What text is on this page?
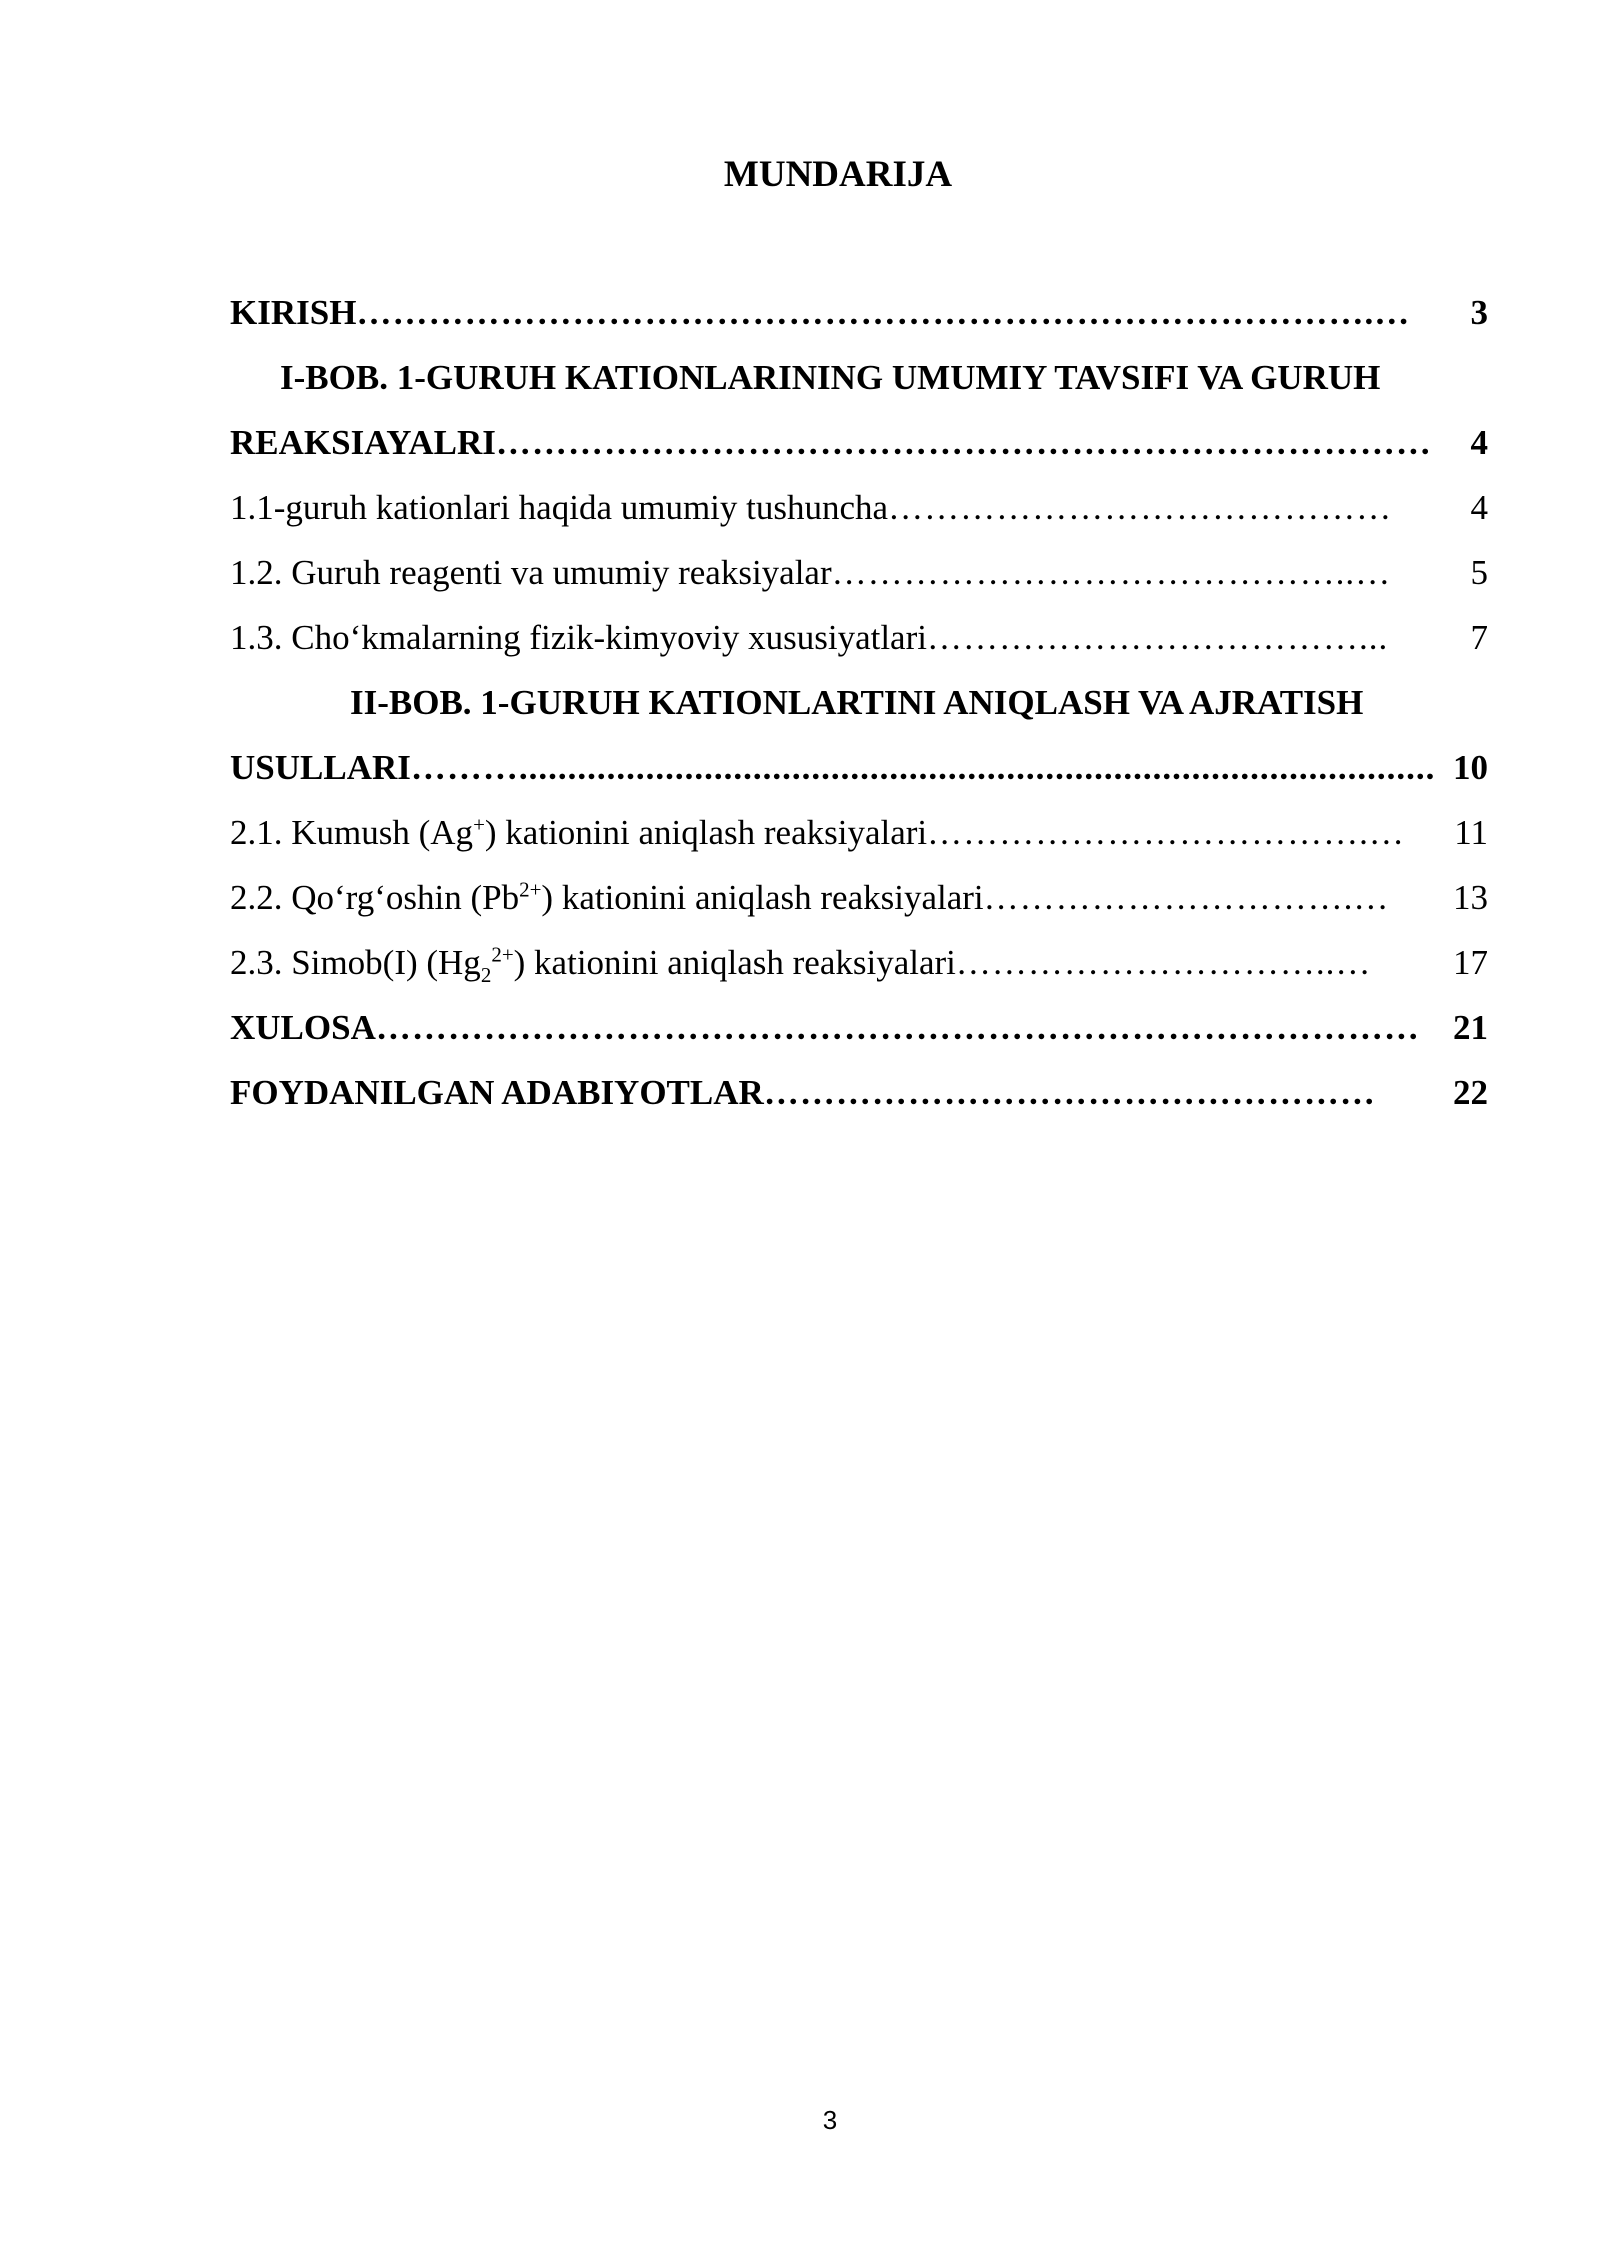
MUNDARIJA
KIRISH ………………………………………………………………………….…	3
I-BOB. 1-GURUH KATIONLARINING UMUMIY TAVSIFI VA GURUH
REAKSIAYALRI ……………………………………………………………………	4
1.1-guruh kationlari haqida umumiy tushuncha ……………………………………	4
1.2. Guruh reagenti va umumiy reaksiyalar ……………………………………..…	5
1.3. Cho‘kmalarning fizik-kimyoviy xususiyatlari ………………………………...	7
II-BOB. 1-GURUH KATIONLARTINI ANIQLASH VA AJRATISH
USULLARI ……….............................................................................................. 10
2.1. Kumush (Ag+) kationini aniqlash reaksiyalari ……………………………….…	11
2.2. Qo‘rg‘oshin $(Pb^{2+})$ kationini aniqlash reaksiyalari ………………………….…	13
2.3. Simob(I) $(Hg_2^{2+})$ kationini aniqlash reaksiyalari …………………………..…	17
XULOSA …………………………………………………………………………… 21
FOYDANILGAN ADABIYOTLAR ……………………………………………	22
3
